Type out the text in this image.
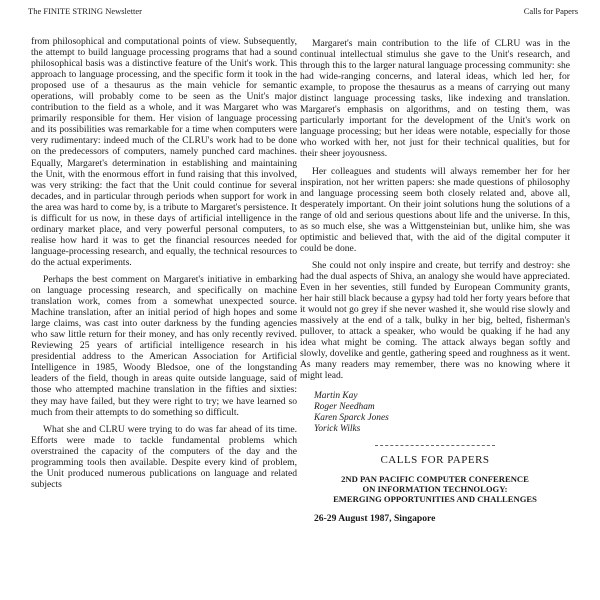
The FINITE STRING Newsletter	Calls for Papers

from philosophical and computational points of view. Subsequently, the attempt to build language processing programs that had a sound philosophical basis was a distinctive feature of the Unit's work. This approach to language processing, and the specific form it took in the proposed use of a thesaurus as the main vehicle for semantic operations, will probably come to be seen as the Unit's major contribution to the field as a whole, and it was Margaret who was primarily responsible for them. Her vision of language processing and its possibilities was remarkable for a time when computers were very rudimentary: indeed much of the CLRU's work had to be done on the predecessors of computers, namely punched card machines. Equally, Margaret's determination in establishing and maintaining the Unit, with the enormous effort in fund raising that this involved, was very striking: the fact that the Unit could continue for several decades, and in particular through periods when support for work in the area was hard to come by, is a tribute to Margaret's persistence. It is difficult for us now, in these days of artificial intelligence in the ordinary market place, and very powerful personal computers, to realise how hard it was to get the financial resources needed for language-processing research, and equally, the technical resources to do the actual experiments.

Perhaps the best comment on Margaret's initiative in embarking on language processing research, and specifically on machine translation work, comes from a somewhat unexpected source. Machine translation, after an initial period of high hopes and some large claims, was cast into outer darkness by the funding agencies who saw little return for their money, and has only recently revived. Reviewing 25 years of artificial intelligence research in his presidential address to the American Association for Artificial Intelligence in 1985, Woody Bledsoe, one of the longstanding leaders of the field, though in areas quite outside language, said of those who attempted machine translation in the fifties and sixties: they may have failed, but they were right to try; we have learned so much from their attempts to do something so difficult.

What she and CLRU were trying to do was far ahead of its time. Efforts were made to tackle fundamental problems which overstrained the capacity of the computers of the day and the programming tools then available. Despite every kind of problem, the Unit produced numerous publications on language and related subjects

Margaret's main contribution to the life of CLRU was in the continual intellectual stimulus she gave to the Unit's research, and through this to the larger natural language processing community: she had wide-ranging concerns, and lateral ideas, which led her, for example, to propose the thesaurus as a means of carrying out many distinct language processing tasks, like indexing and translation. Margaret's emphasis on algorithms, and on testing them, was particularly important for the development of the Unit's work on language processing; but her ideas were notable, especially for those who worked with her, not just for their technical qualities, but for their sheer joyousness.

Her colleagues and students will always remember her for her inspiration, not her written papers: she made questions of philosophy and language processing seem both closely related and, above all, desperately important. On their joint solutions hung the solutions of a range of old and serious questions about life and the universe. In this, as so much else, she was a Wittgensteinian but, unlike him, she was optimistic and believed that, with the aid of the digital computer it could be done.

She could not only inspire and create, but terrify and destroy: she had the dual aspects of Shiva, an analogy she would have appreciated. Even in her seventies, still funded by European Community grants, her hair still black because a gypsy had told her forty years before that it would not go grey if she never washed it, she would rise slowly and massively at the end of a talk, bulky in her big, belted, fisherman's pullover, to attack a speaker, who would be quaking if he had any idea what might be coming. The attack always began softly and slowly, dovelike and gentle, gathering speed and roughness as it went. As many readers may remember, there was no knowing where it might lead.

Martin Kay
Roger Needham
Karen Sparck Jones
Yorick Wilks
CALLS FOR PAPERS
2ND PAN PACIFIC COMPUTER CONFERENCE
ON INFORMATION TECHNOLOGY:
EMERGING OPPORTUNITIES AND CHALLENGES
26-29 August 1987, Singapore
